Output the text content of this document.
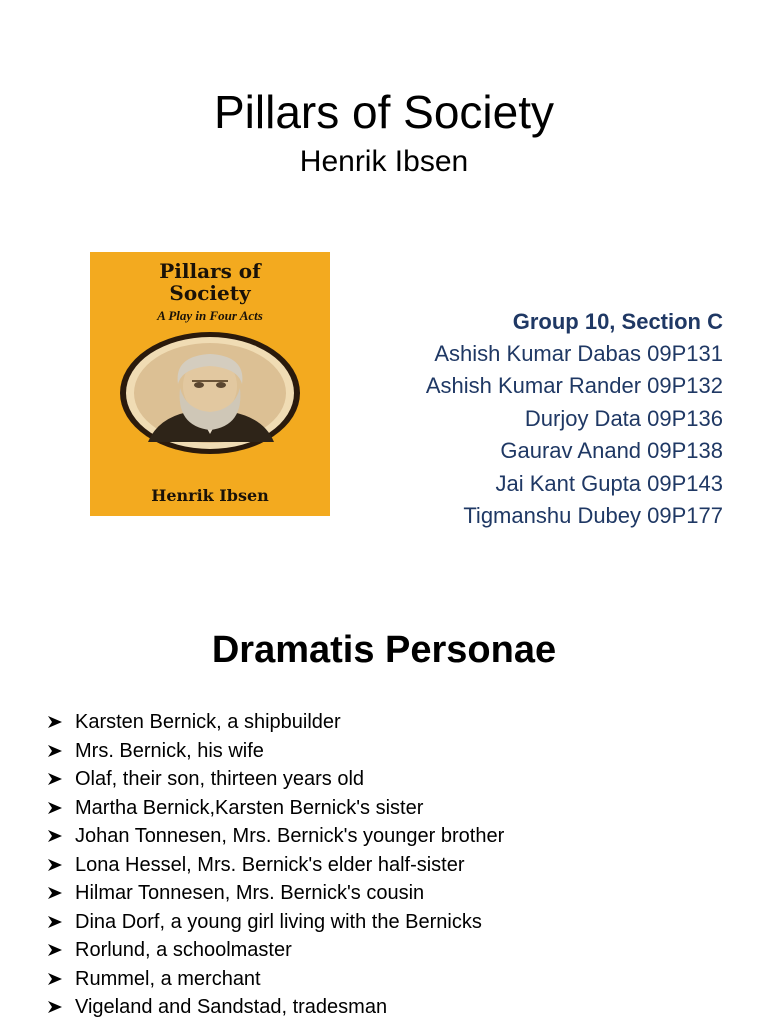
Pillars of Society
Henrik Ibsen
Pillars of
Society
A Play in Four Acts
Henrik Ibsen
Group 10, Section C
Ashish Kumar Dabas 09P131
Ashish Kumar Rander 09P132
Durjoy Data 09P136
Gaurav Anand 09P138
Jai Kant Gupta 09P143
Tigmanshu Dubey 09P177
Dramatis Personae
Karsten Bernick, a shipbuilder
Mrs. Bernick, his wife
Olaf, their son, thirteen years old
Martha Bernick,Karsten Bernick's sister
Johan Tonnesen, Mrs. Bernick's younger brother
Lona Hessel, Mrs. Bernick's elder half-sister
Hilmar Tonnesen, Mrs. Bernick's cousin
Dina Dorf, a young girl living with the Bernicks
Rorlund, a schoolmaster
Rummel, a merchant
Vigeland and Sandstad, tradesman
